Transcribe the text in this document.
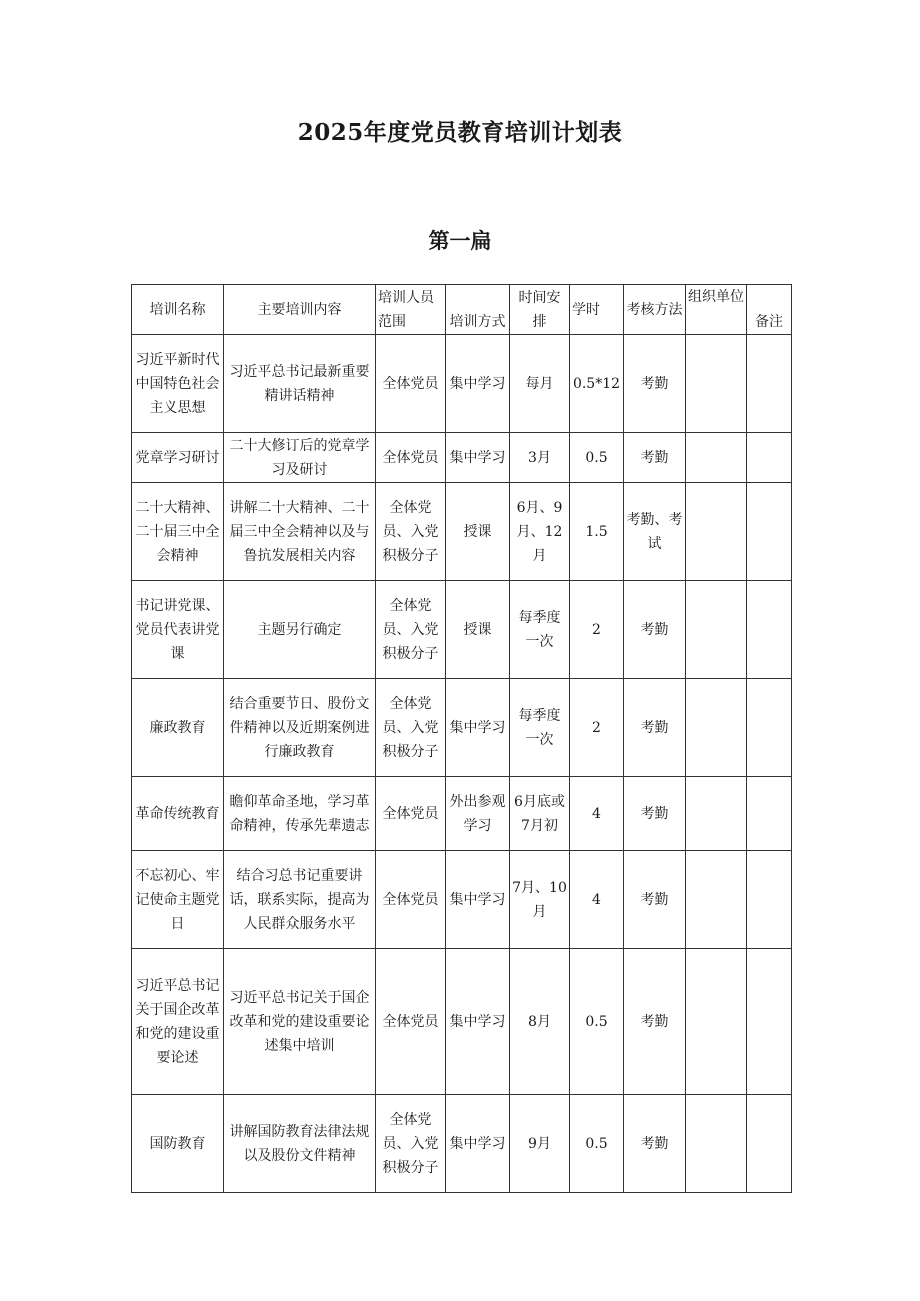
2025年度党员教育培训计划表
第一扁
培训名称	主要培训内容	培训人员范围	培训方式	时间安排	学时	考核方法	组织单位	备注
习近平新时代中国特色社会主义思想	习近平总书记最新重要精讲话精神	全体党员	集中学习	每月	0.5*12	考勤		
党章学习研讨	二十大修订后的党章学习及研讨	全体党员	集中学习	3月	0.5	考勤		
二十大精神、二十届三中全会精神	讲解二十大精神、二十届三中全会精神以及与鲁抗发展相关内容	全体党员、入党积极分子	授课	6月、9月、12月	1.5	考勤、考试		
书记讲党课、党员代表讲党课	主题另行确定	全体党员、入党积极分子	授课	每季度一次	2	考勤		
廉政教育	结合重要节日、股份文件精神以及近期案例进行廉政教育	全体党员、入党积极分子	集中学习	每季度一次	2	考勤		
革命传统教育	瞻仰革命圣地，学习革命精神，传承先辈遗志	全体党员	外出参观学习	6月底或7月初	4	考勤		
不忘初心、牢记使命主题党日	结合习总书记重要讲话，联系实际，提高为人民群众服务水平	全体党员	集中学习	7月、10月	4	考勤		
习近平总书记关于国企改革和党的建设重要论述	习近平总书记关于国企改革和党的建设重要论述集中培训	全体党员	集中学习	8月	0.5	考勤		
国防教育	讲解国防教育法律法规以及股份文件精神	全体党员、入党积极分子	集中学习	9月	0.5	考勤		
